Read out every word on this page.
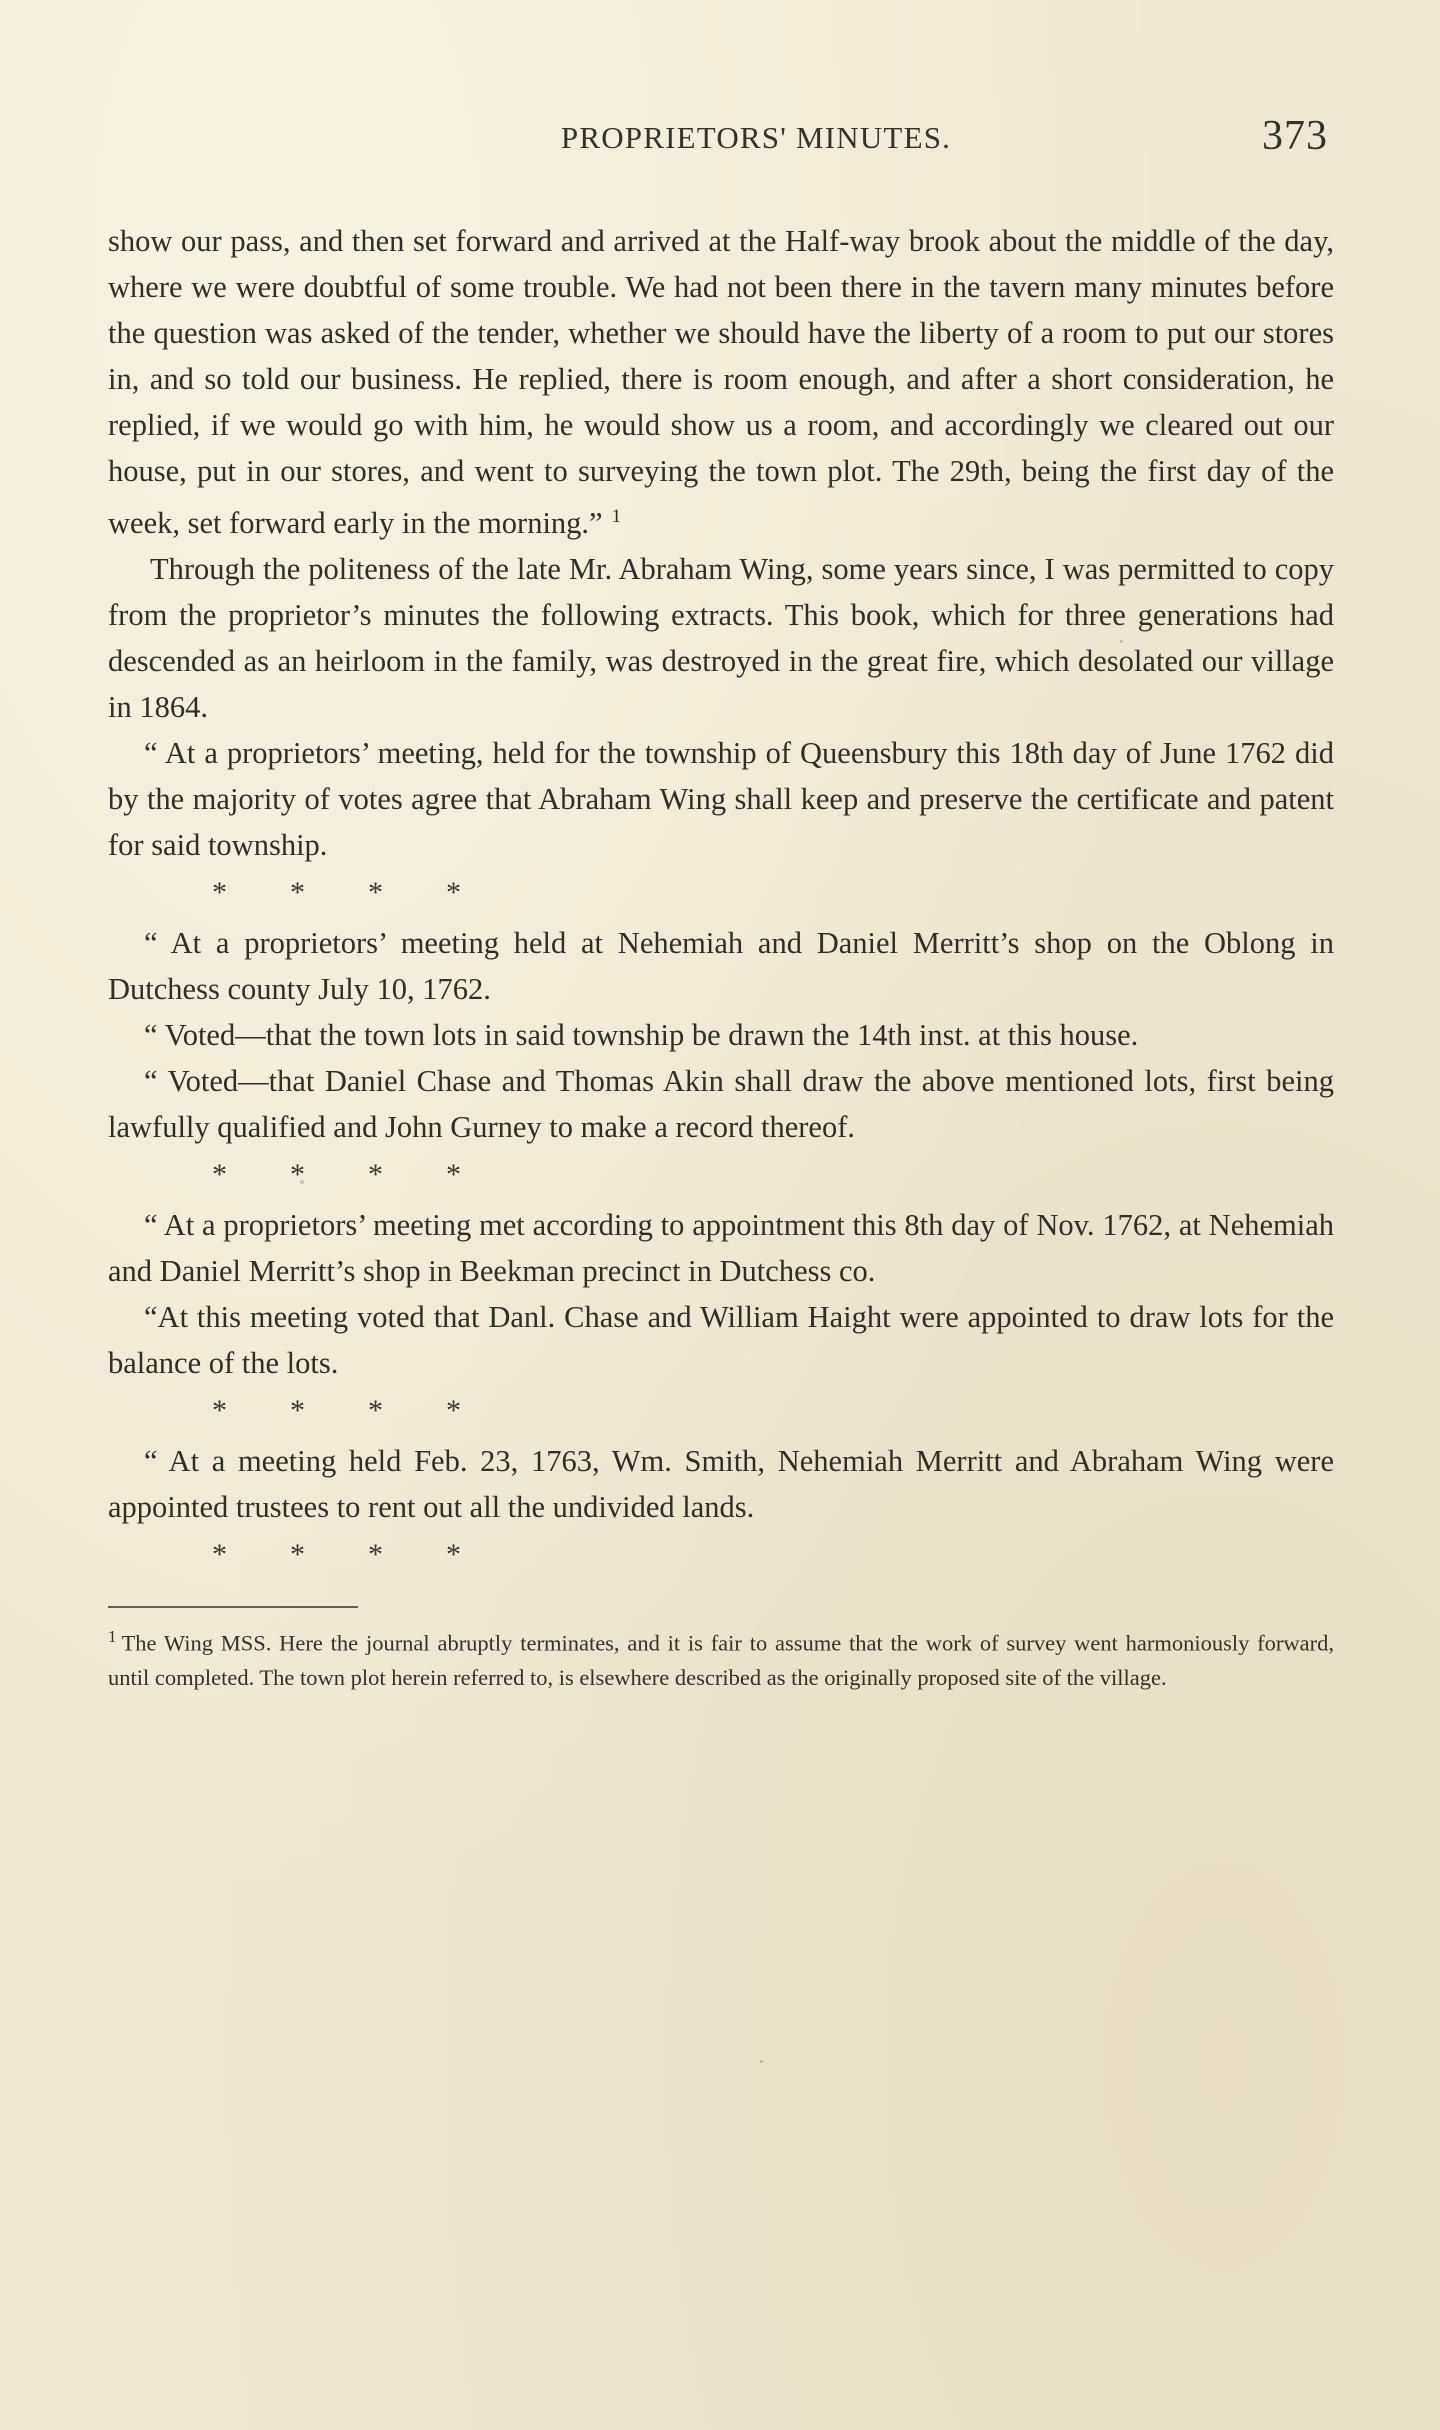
PROPRIETORS' MINUTES.	373

show our pass, and then set forward and arrived at the Half-way brook about the middle of the day, where we were doubtful of some trouble. We had not been there in the tavern many minutes before the question was asked of the tender, whether we should have the liberty of a room to put our stores in, and so told our business. He replied, there is room enough, and after a short consideration, he replied, if we would go with him, he would show us a room, and accordingly we cleared out our house, put in our stores, and went to surveying the town plot. The 29th, being the first day of the week, set forward early in the morning.” $^1$

Through the politeness of the late Mr. Abraham Wing, some years since, I was permitted to copy from the proprietor’s minutes the following extracts. This book, which for three generations had descended as an heirloom in the family, was destroyed in the great fire, which desolated our village in 1864.

“ At a proprietors’ meeting, held for the township of Queensbury this 18th day of June 1762 did by the majority of votes agree that Abraham Wing shall keep and preserve the certificate and patent for said township.

* * * *

“ At a proprietors’ meeting held at Nehemiah and Daniel Merritt’s shop on the Oblong in Dutchess county July 10, 1762.

“ Voted—that the town lots in said township be drawn the 14th inst. at this house.

“ Voted—that Daniel Chase and Thomas Akin shall draw the above mentioned lots, first being lawfully qualified and John Gurney to make a record thereof.

* * * *

“ At a proprietors’ meeting met according to appointment this 8th day of Nov. 1762, at Nehemiah and Daniel Merritt’s shop in Beekman precinct in Dutchess co.

“At this meeting voted that Danl. Chase and William Haight were appointed to draw lots for the balance of the lots.

* * * *

“ At a meeting held Feb. 23, 1763, Wm. Smith, Nehemiah Merritt and Abraham Wing were appointed trustees to rent out all the undivided lands.

* * * *
$^1$ The Wing MSS. Here the journal abruptly terminates, and it is fair to assume that the work of survey went harmoniously forward, until completed. The town plot herein referred to, is elsewhere described as the originally proposed site of the village.
